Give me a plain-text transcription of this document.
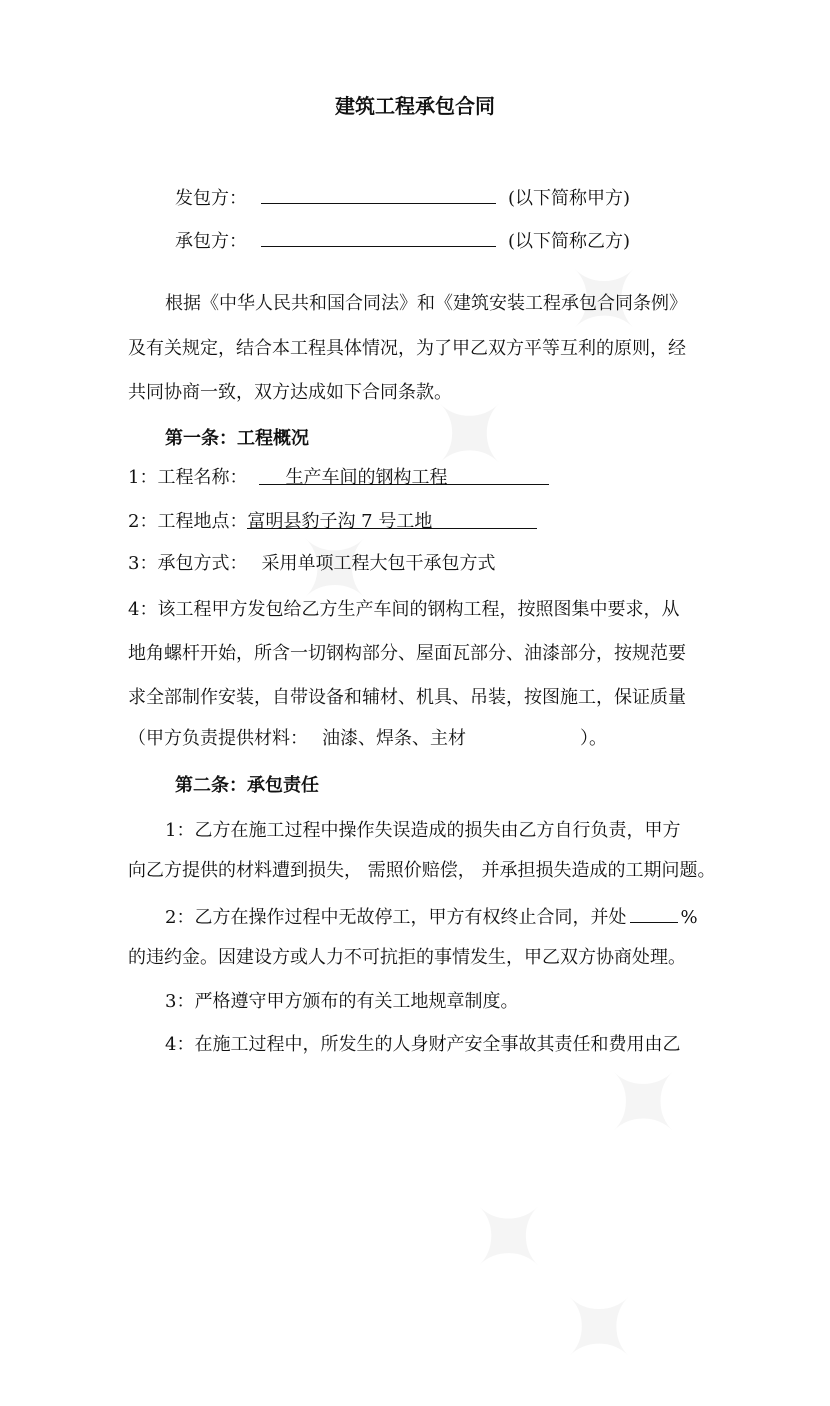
建筑工程承包合同
发包方：	(以下简称甲方)
承包方：	(以下简称乙方)
根据《中华人民共和国合同法》和《建筑安装工程承包合同条例》
及有关规定，结合本工程具体情况，为了甲乙双方平等互利的原则，经
共同协商一致，双方达成如下合同条款。
第一条：工程概况
1：工程名称： 生产车间的钢构工程
2：工程地点：富明县豹子沟 7 号工地
3：承包方式： 采用单项工程大包干承包方式
4：该工程甲方发包给乙方生产车间的钢构工程，按照图集中要求，从
地角螺杆开始，所含一切钢构部分、屋面瓦部分、油漆部分，按规范要
求全部制作安装，自带设备和辅材、机具、吊装，按图施工，保证质量
（甲方负责提供材料： 油漆、焊条、主材	）。
第二条：承包责任
1：乙方在施工过程中操作失误造成的损失由乙方自行负责，甲方
向乙方提供的材料遭到损失， 需照价赔偿， 并承担损失造成的工期问题。
2：乙方在操作过程中无故停工，甲方有权终止合同，并处	%
的违约金。因建设方或人力不可抗拒的事情发生，甲乙双方协商处理。
3：严格遵守甲方颁布的有关工地规章制度。
4：在施工过程中，所发生的人身财产安全事故其责任和费用由乙
